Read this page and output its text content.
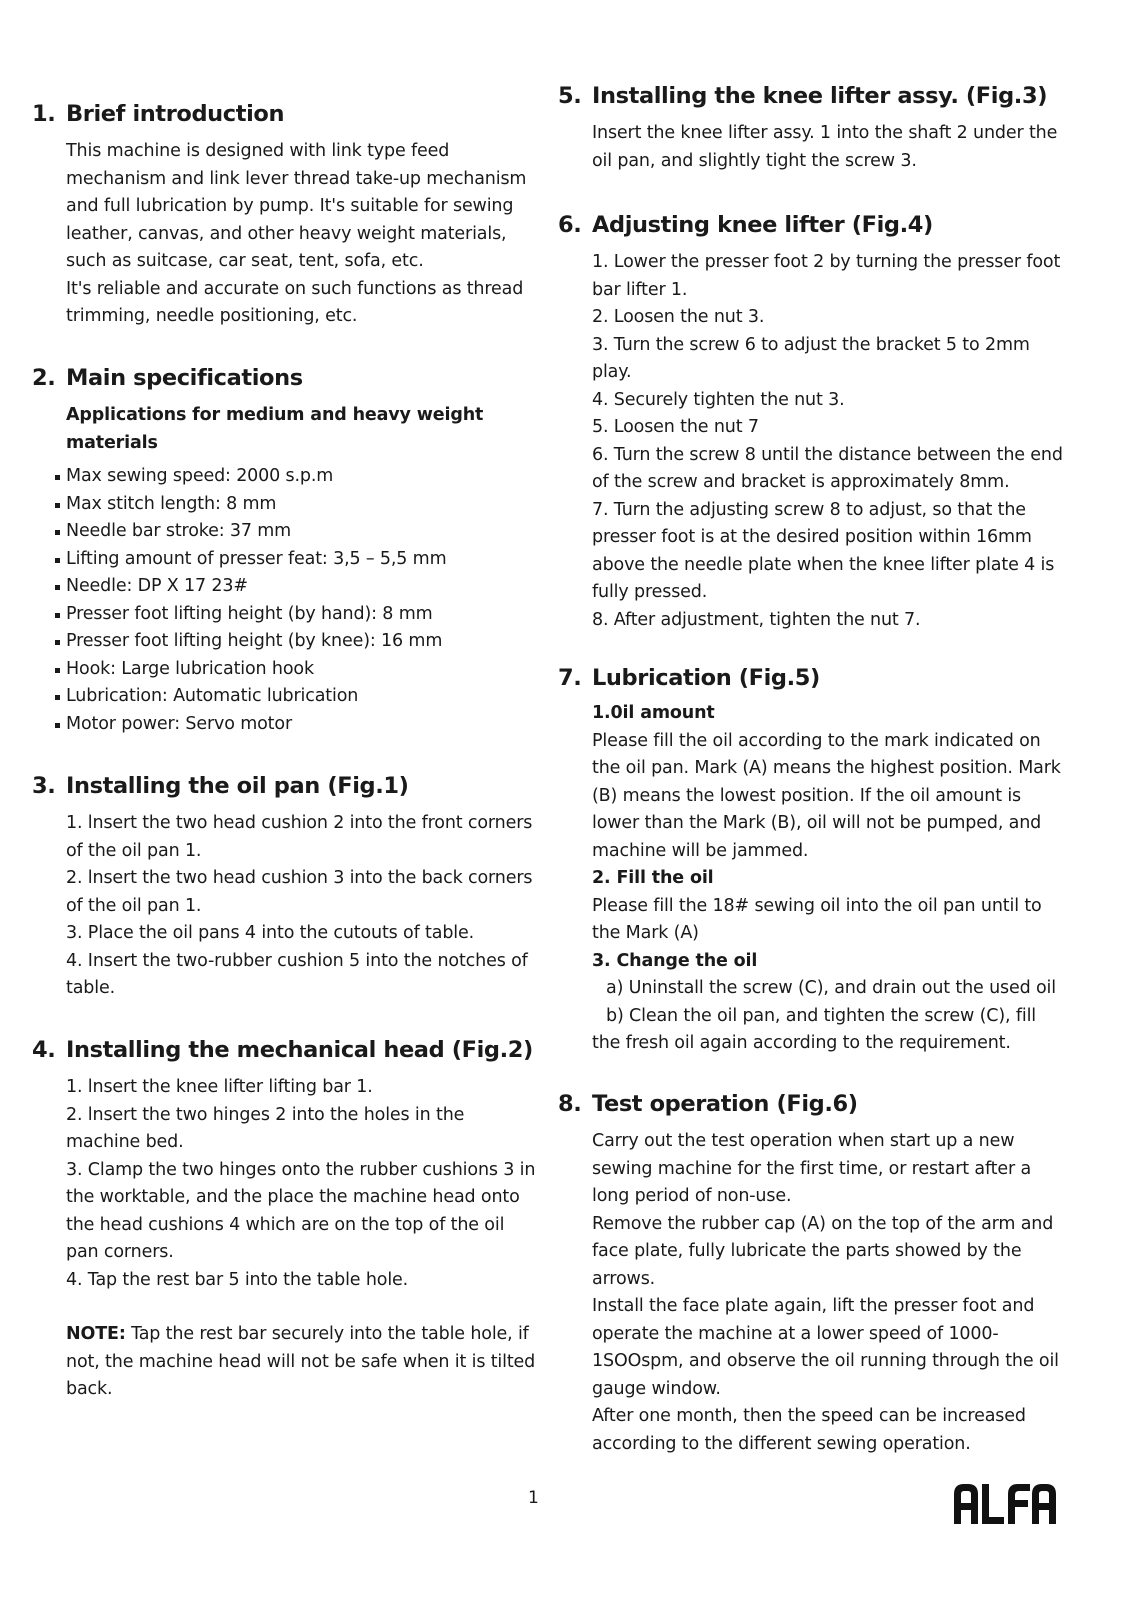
1. Brief introduction

This machine is designed with link type feed

mechanism and link lever thread take-up mechanism

and full lubrication by pump. It's suitable for sewing

leather, canvas, and other heavy weight materials,

such as suitcase, car seat, tent, sofa, etc.

It's reliable and accurate on such functions as thread

trimming, needle positioning, etc.

2. Main specifications

Applications for medium and heavy weight

materials

Max sewing speed: 2000 s.p.m
Max stitch length: 8 mm
Needle bar stroke: 37 mm
Lifting amount of presser feat: 3,5 – 5,5 mm
Needle: DP X 17 23#
Presser foot lifting height (by hand): 8 mm
Presser foot lifting height (by knee): 16 mm
Hook: Large lubrication hook
Lubrication: Automatic lubrication
Motor power: Servo motor
3. Installing the oil pan (Fig.1)

1. lnsert the two head cushion 2 into the front corners

of the oil pan 1.

2. lnsert the two head cushion 3 into the back corners

of the oil pan 1.

3. Place the oil pans 4 into the cutouts of table.

4. Insert the two-rubber cushion 5 into the notches of

table.

4. Installing the mechanical head (Fig.2)

1. lnsert the knee lifter lifting bar 1.

2. lnsert the two hinges 2 into the holes in the

machine bed.

3. Clamp the two hinges onto the rubber cushions 3 in

the worktable, and the place the machine head onto

the head cushions 4 which are on the top of the oil

pan corners.

4. Tap the rest bar 5 into the table hole.

NOTE: Tap the rest bar securely into the table hole, if

not, the machine head will not be safe when it is tilted

back.

5. Installing the knee lifter assy. (Fig.3)

Insert the knee lifter assy. 1 into the shaft 2 under the

oil pan, and slightly tight the screw 3.

6. Adjusting knee lifter (Fig.4)

1. Lower the presser foot 2 by turning the presser foot

bar lifter 1.

2. Loosen the nut 3.

3. Turn the screw 6 to adjust the bracket 5 to 2mm

play.

4. Securely tighten the nut 3.

5. Loosen the nut 7

6. Turn the screw 8 until the distance between the end

of the screw and bracket is approximately 8mm.

7. Turn the adjusting screw 8 to adjust, so that the

presser foot is at the desired position within 16mm

above the needle plate when the knee lifter plate 4 is

fully pressed.

8. After adjustment, tighten the nut 7.

7. Lubrication (Fig.5)

1.0il amount

Please fill the oil according to the mark indicated on

the oil pan. Mark (A) means the highest position. Mark

(B) means the lowest position. If the oil amount is

lower than the Mark (B), oil will not be pumped, and

machine will be jammed.

2. Fill the oil

Please fill the 18# sewing oil into the oil pan until to

the Mark (A)

3. Change the oil

a) Uninstall the screw (C), and drain out the used oil

b) Clean the oil pan, and tighten the screw (C), fill

the fresh oil again according to the requirement.

8. Test operation (Fig.6)

Carry out the test operation when start up a new

sewing machine for the first time, or restart after a

long period of non-use.

Remove the rubber cap (A) on the top of the arm and

face plate, fully lubricate the parts showed by the

arrows.

Install the face plate again, lift the presser foot and

operate the machine at a lower speed of 1000-

1SOOspm, and observe the oil running through the oil

gauge window.

After one month, then the speed can be increased

according to the different sewing operation.

1
